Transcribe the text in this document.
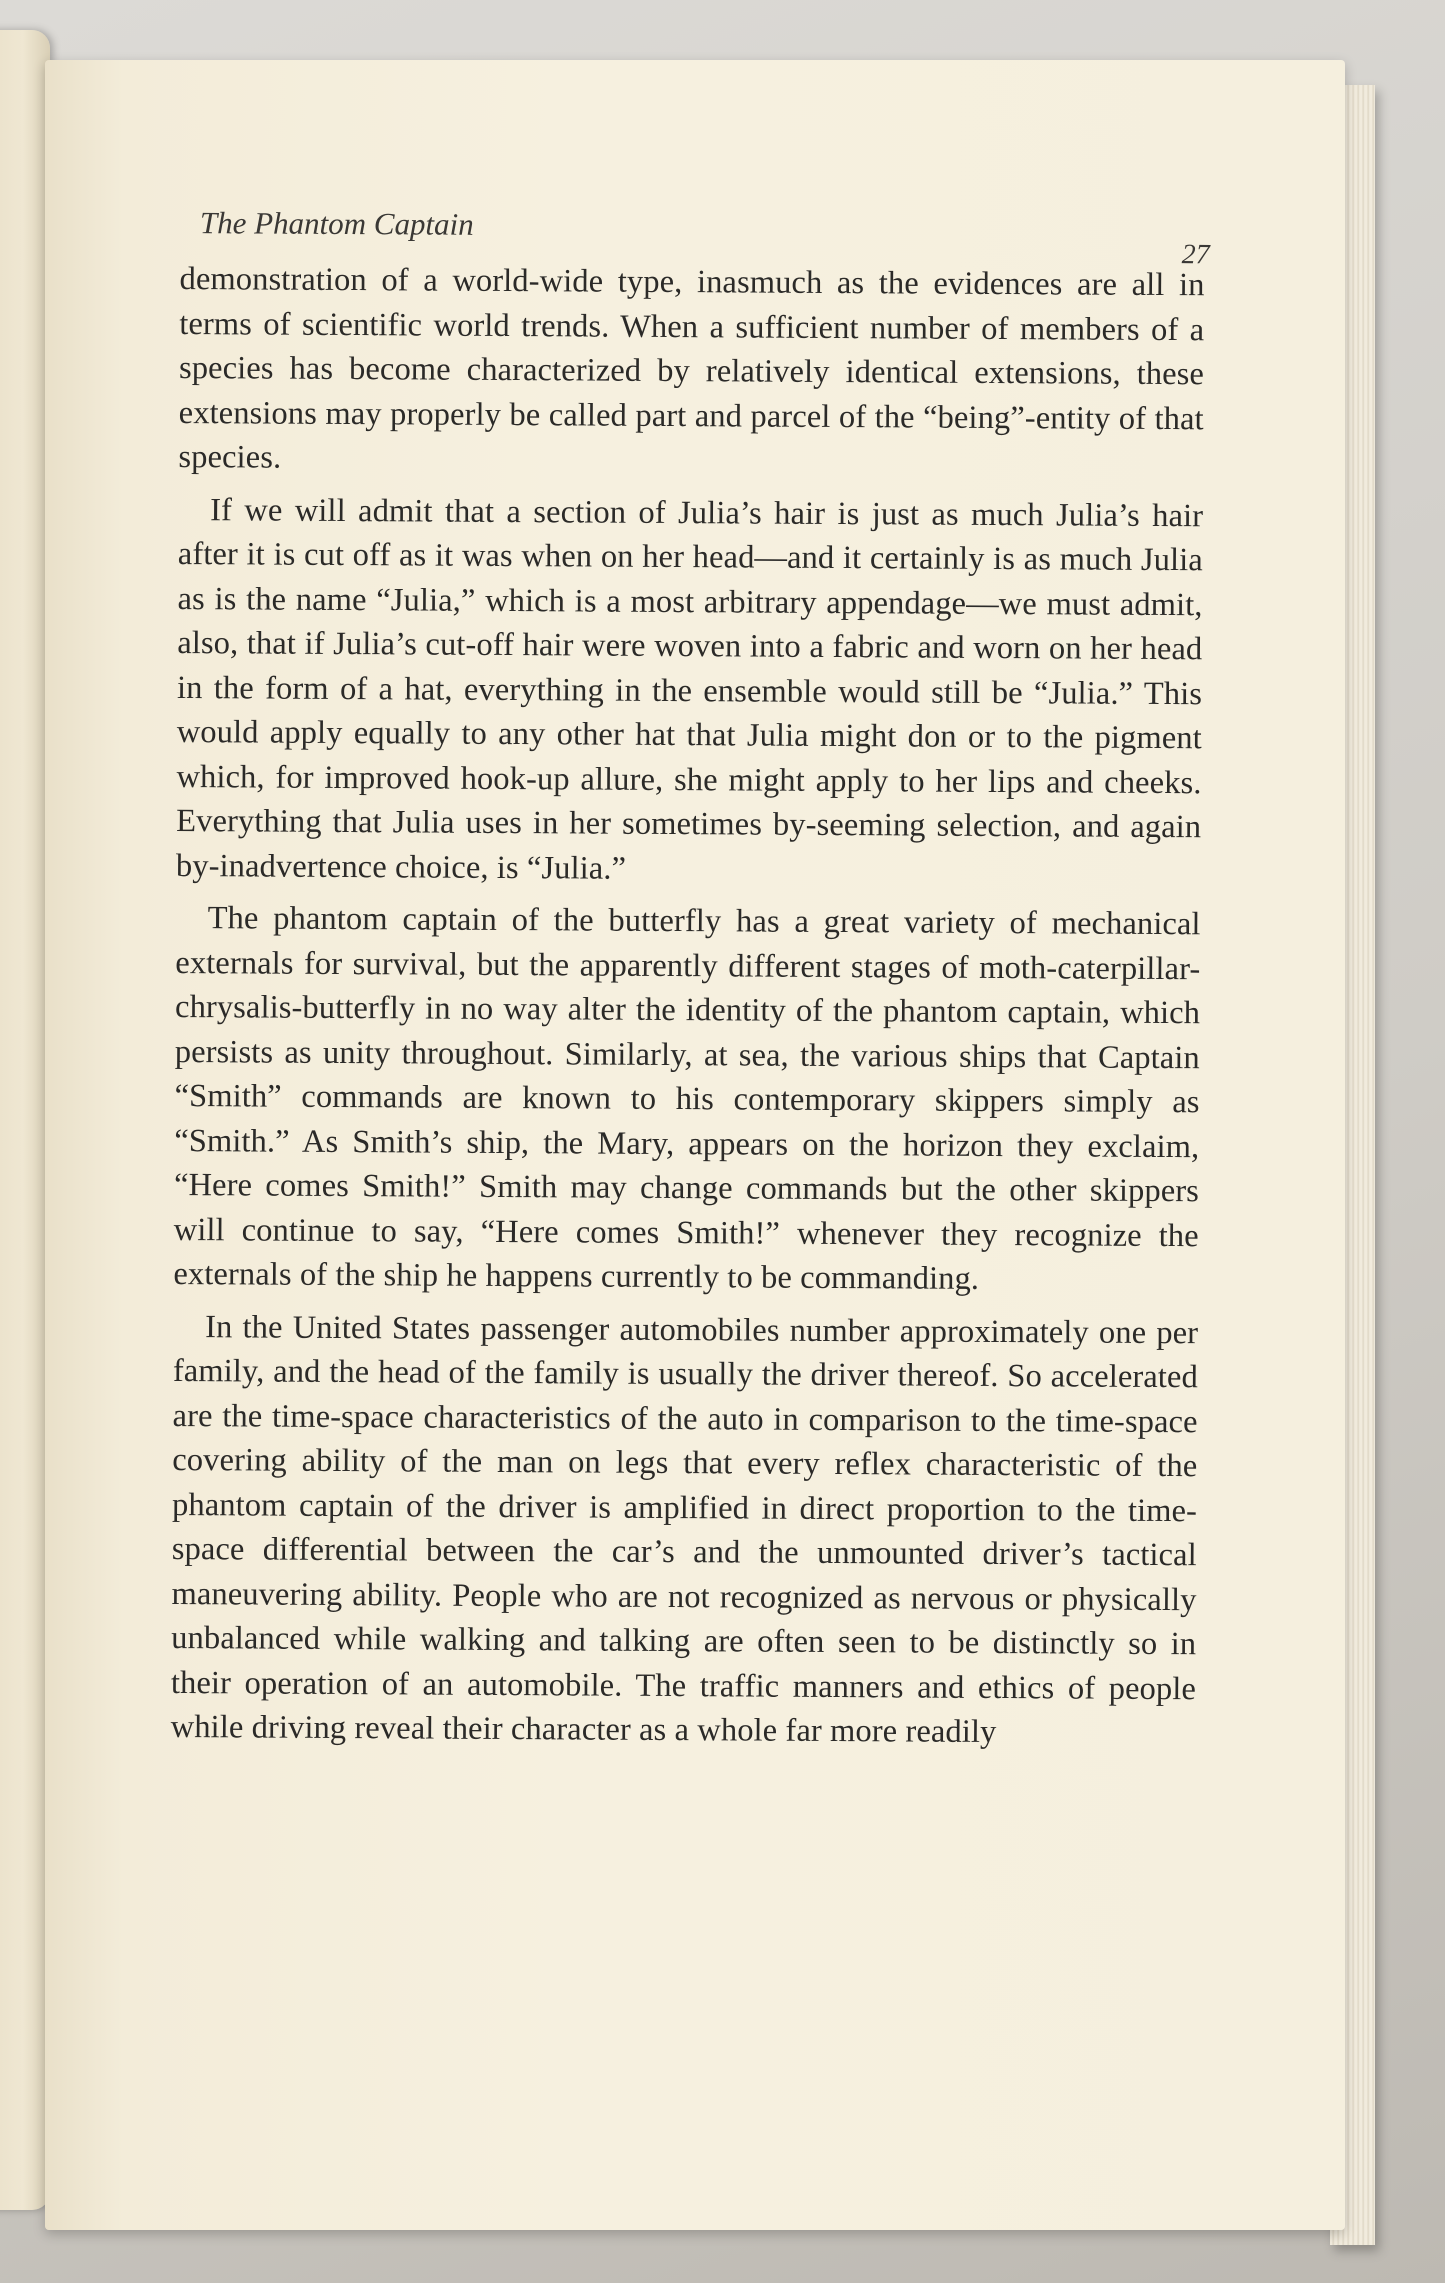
The Phantom Captain
27

demonstration of a world-wide type, inasmuch as the evidences are all in terms of scientific world trends. When a sufficient number of members of a species has become characterized by relatively identical extensions, these extensions may properly be called part and parcel of the “being”-entity of that species.

If we will admit that a section of Julia’s hair is just as much Julia’s hair after it is cut off as it was when on her head—and it certainly is as much Julia as is the name “Julia,” which is a most arbitrary appendage—we must admit, also, that if Julia’s cut-off hair were woven into a fabric and worn on her head in the form of a hat, everything in the ensemble would still be “Julia.” This would apply equally to any other hat that Julia might don or to the pigment which, for improved hook-up allure, she might apply to her lips and cheeks. Everything that Julia uses in her sometimes by-seeming selection, and again by-inadvertence choice, is “Julia.”

The phantom captain of the butterfly has a great variety of mechanical externals for survival, but the apparently different stages of moth-caterpillar-chrysalis-butterfly in no way alter the identity of the phantom captain, which persists as unity throughout. Similarly, at sea, the various ships that Captain “Smith” commands are known to his contemporary skippers simply as “Smith.” As Smith’s ship, the Mary, appears on the horizon they exclaim, “Here comes Smith!” Smith may change commands but the other skippers will continue to say, “Here comes Smith!” whenever they recognize the externals of the ship he happens currently to be commanding.

In the United States passenger automobiles number approximately one per family, and the head of the family is usually the driver thereof. So accelerated are the time-space characteristics of the auto in comparison to the time-space covering ability of the man on legs that every reflex characteristic of the phantom captain of the driver is amplified in direct proportion to the time-space differential between the car’s and the unmounted driver’s tactical maneuvering ability. People who are not recognized as nervous or physically unbalanced while walking and talking are often seen to be distinctly so in their operation of an automobile. The traffic manners and ethics of people while driving reveal their character as a whole far more readily
